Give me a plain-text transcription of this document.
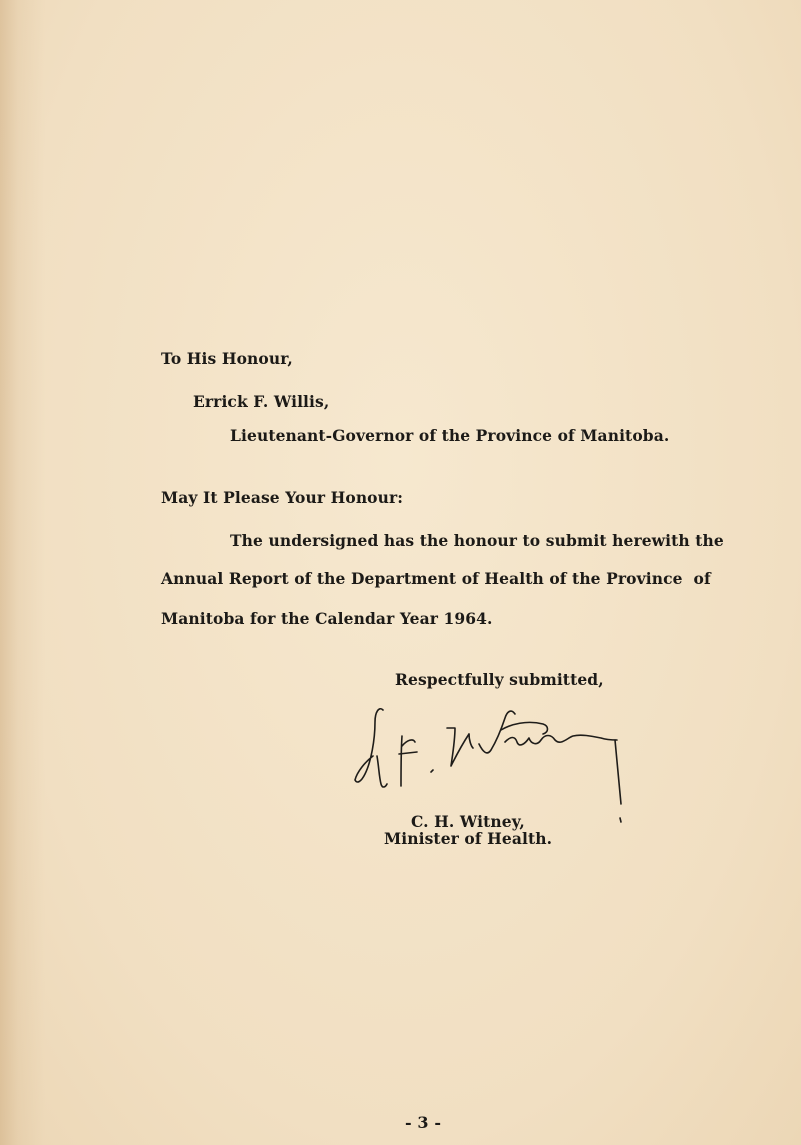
To His Honour,
Errick F. Willis,
Lieutenant-Governor of the Province of Manitoba.
May It Please Your Honour:
The undersigned has the honour to submit herewith the
Annual Report of the Department of Health of the Province  of
Manitoba for the Calendar Year 1964.
Respectfully submitted,
C. H. Witney,
Minister of Health.
- 3 -
